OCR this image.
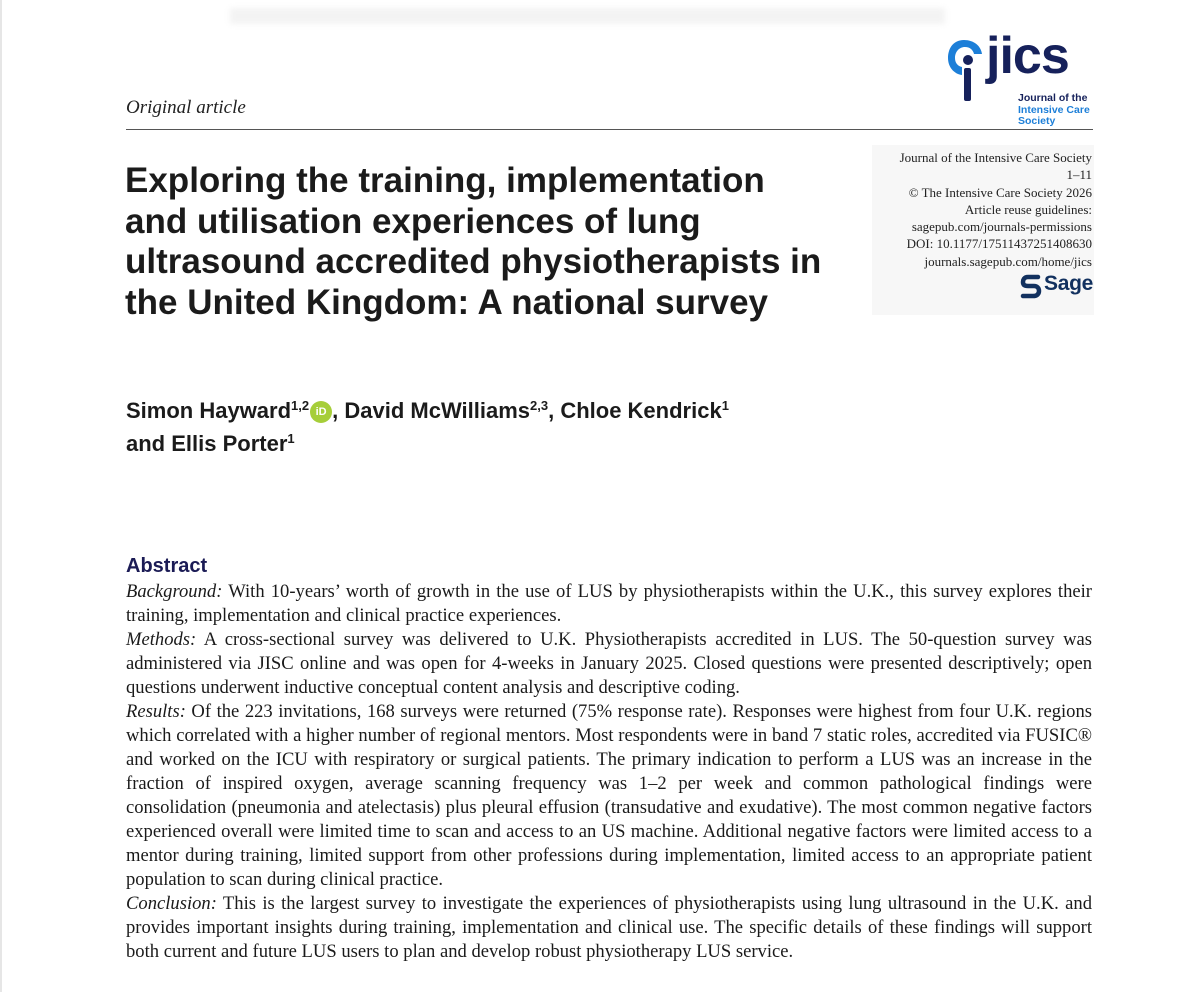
Original article
jics
Journal of the
Intensive Care
Society
Journal of the Intensive Care Society
1–11
© The Intensive Care Society 2026
Article reuse guidelines:
sagepub.com/journals-permissions
DOI: 10.1177/17511437251408630
journals.sagepub.com/home/jics
Sage
Exploring the training, implementation
and utilisation experiences of lung
ultrasound accredited physiotherapists in
the United Kingdom: A national survey
Simon Hayward$^{1,2}$ iD , David McWilliams$^{2,3}$, Chloe Kendrick$^1$
and Ellis Porter$^1$
Abstract

Background: With 10-years’ worth of growth in the use of LUS by physiotherapists within the U.K., this survey explores their training, implementation and clinical practice experiences.

Methods: A cross-sectional survey was delivered to U.K. Physiotherapists accredited in LUS. The 50-question survey was administered via JISC online and was open for 4-weeks in January 2025. Closed questions were presented descriptively; open questions underwent inductive conceptual content analysis and descriptive coding.

Results: Of the 223 invitations, 168 surveys were returned (75% response rate). Responses were highest from four U.K. regions which correlated with a higher number of regional mentors. Most respondents were in band 7 static roles, accredited via FUSIC® and worked on the ICU with respiratory or surgical patients. The primary indication to perform a LUS was an increase in the fraction of inspired oxygen, average scanning frequency was 1–2 per week and common pathological findings were consolidation (pneumonia and atelectasis) plus pleural effusion (transudative and exudative). The most common negative factors experienced overall were limited time to scan and access to an US machine. Additional negative factors were limited access to a mentor during training, limited support from other professions during implementation, limited access to an appropriate patient population to scan during clinical practice.

Conclusion: This is the largest survey to investigate the experiences of physiotherapists using lung ultrasound in the U.K. and provides important insights during training, implementation and clinical use. The specific details of these findings will support both current and future LUS users to plan and develop robust physiotherapy LUS service.
